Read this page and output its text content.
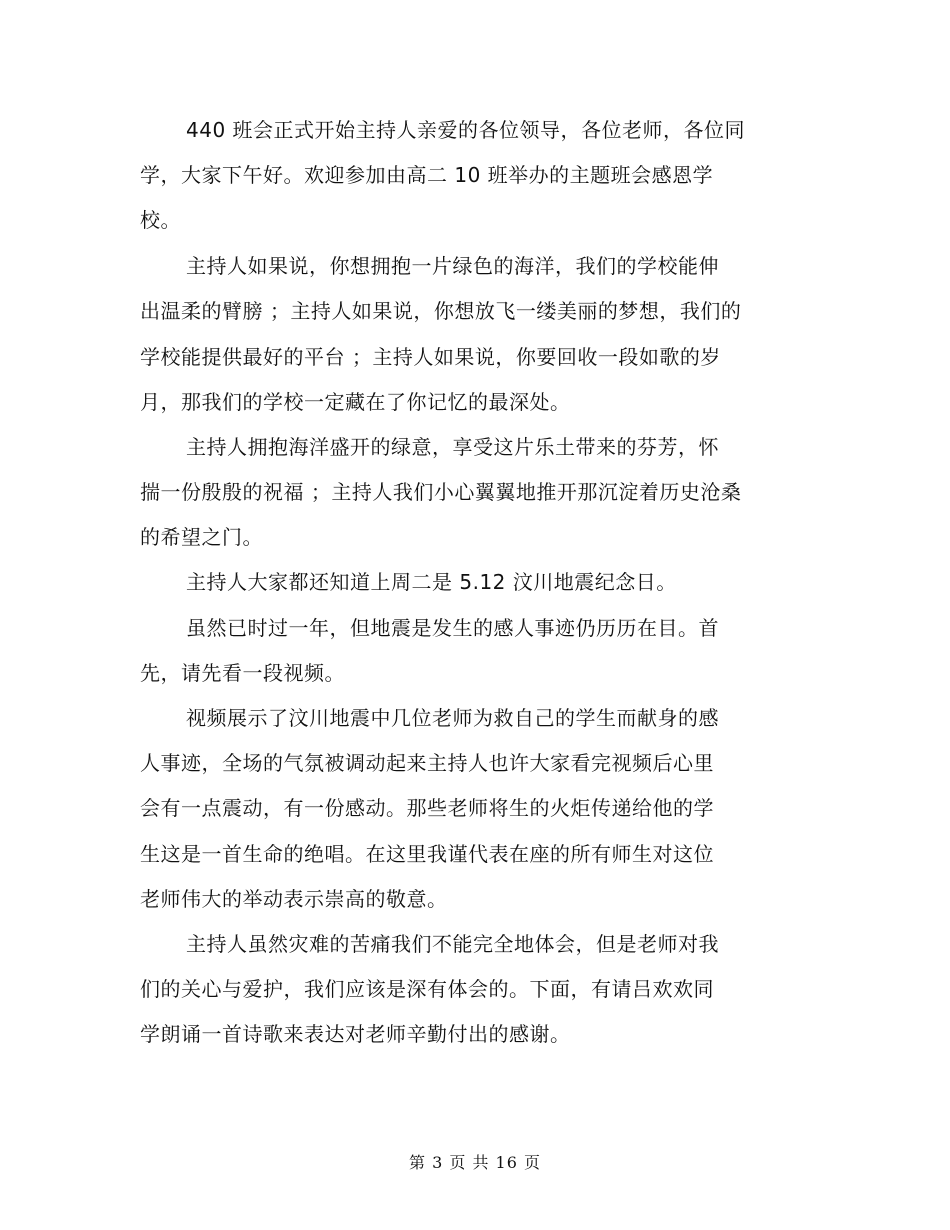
440 班会正式开始主持人亲爱的各位领导，各位老师，各位同
学，大家下午好。欢迎参加由高二 10 班举办的主题班会感恩学
校。
主持人如果说，你想拥抱一片绿色的海洋，我们的学校能伸
出温柔的臂膀 ；主持人如果说，你想放飞一缕美丽的梦想，我们的
学校能提供最好的平台 ；主持人如果说，你要回收一段如歌的岁
月，那我们的学校一定藏在了你记忆的最深处。
主持人拥抱海洋盛开的绿意，享受这片乐土带来的芬芳，怀
揣一份殷殷的祝福 ；主持人我们小心翼翼地推开那沉淀着历史沧桑
的希望之门。
主持人大家都还知道上周二是 5.12 汶川地震纪念日。
虽然已时过一年，但地震是发生的感人事迹仍历历在目。首
先，请先看一段视频。
视频展示了汶川地震中几位老师为救自己的学生而献身的感
人事迹，全场的气氛被调动起来主持人也许大家看完视频后心里
会有一点震动，有一份感动。那些老师将生的火炬传递给他的学
生这是一首生命的绝唱。在这里我谨代表在座的所有师生对这位
老师伟大的举动表示崇高的敬意。
主持人虽然灾难的苦痛我们不能完全地体会，但是老师对我
们的关心与爱护，我们应该是深有体会的。下面，有请吕欢欢同
学朗诵一首诗歌来表达对老师辛勤付出的感谢。
第 3 页 共 16 页
